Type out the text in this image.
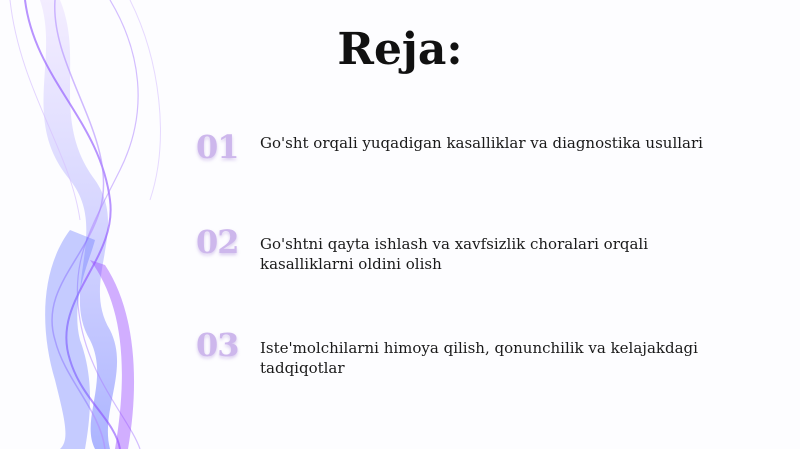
Reja:
01	Go'sht orqali yuqadigan kasalliklar va diagnostika usullari
02	Go'shtni qayta ishlash va xavfsizlik choralari orqali kasalliklarni oldini olish
03	Iste'molchilarni himoya qilish, qonunchilik va kelajakdagi tadqiqotlar
